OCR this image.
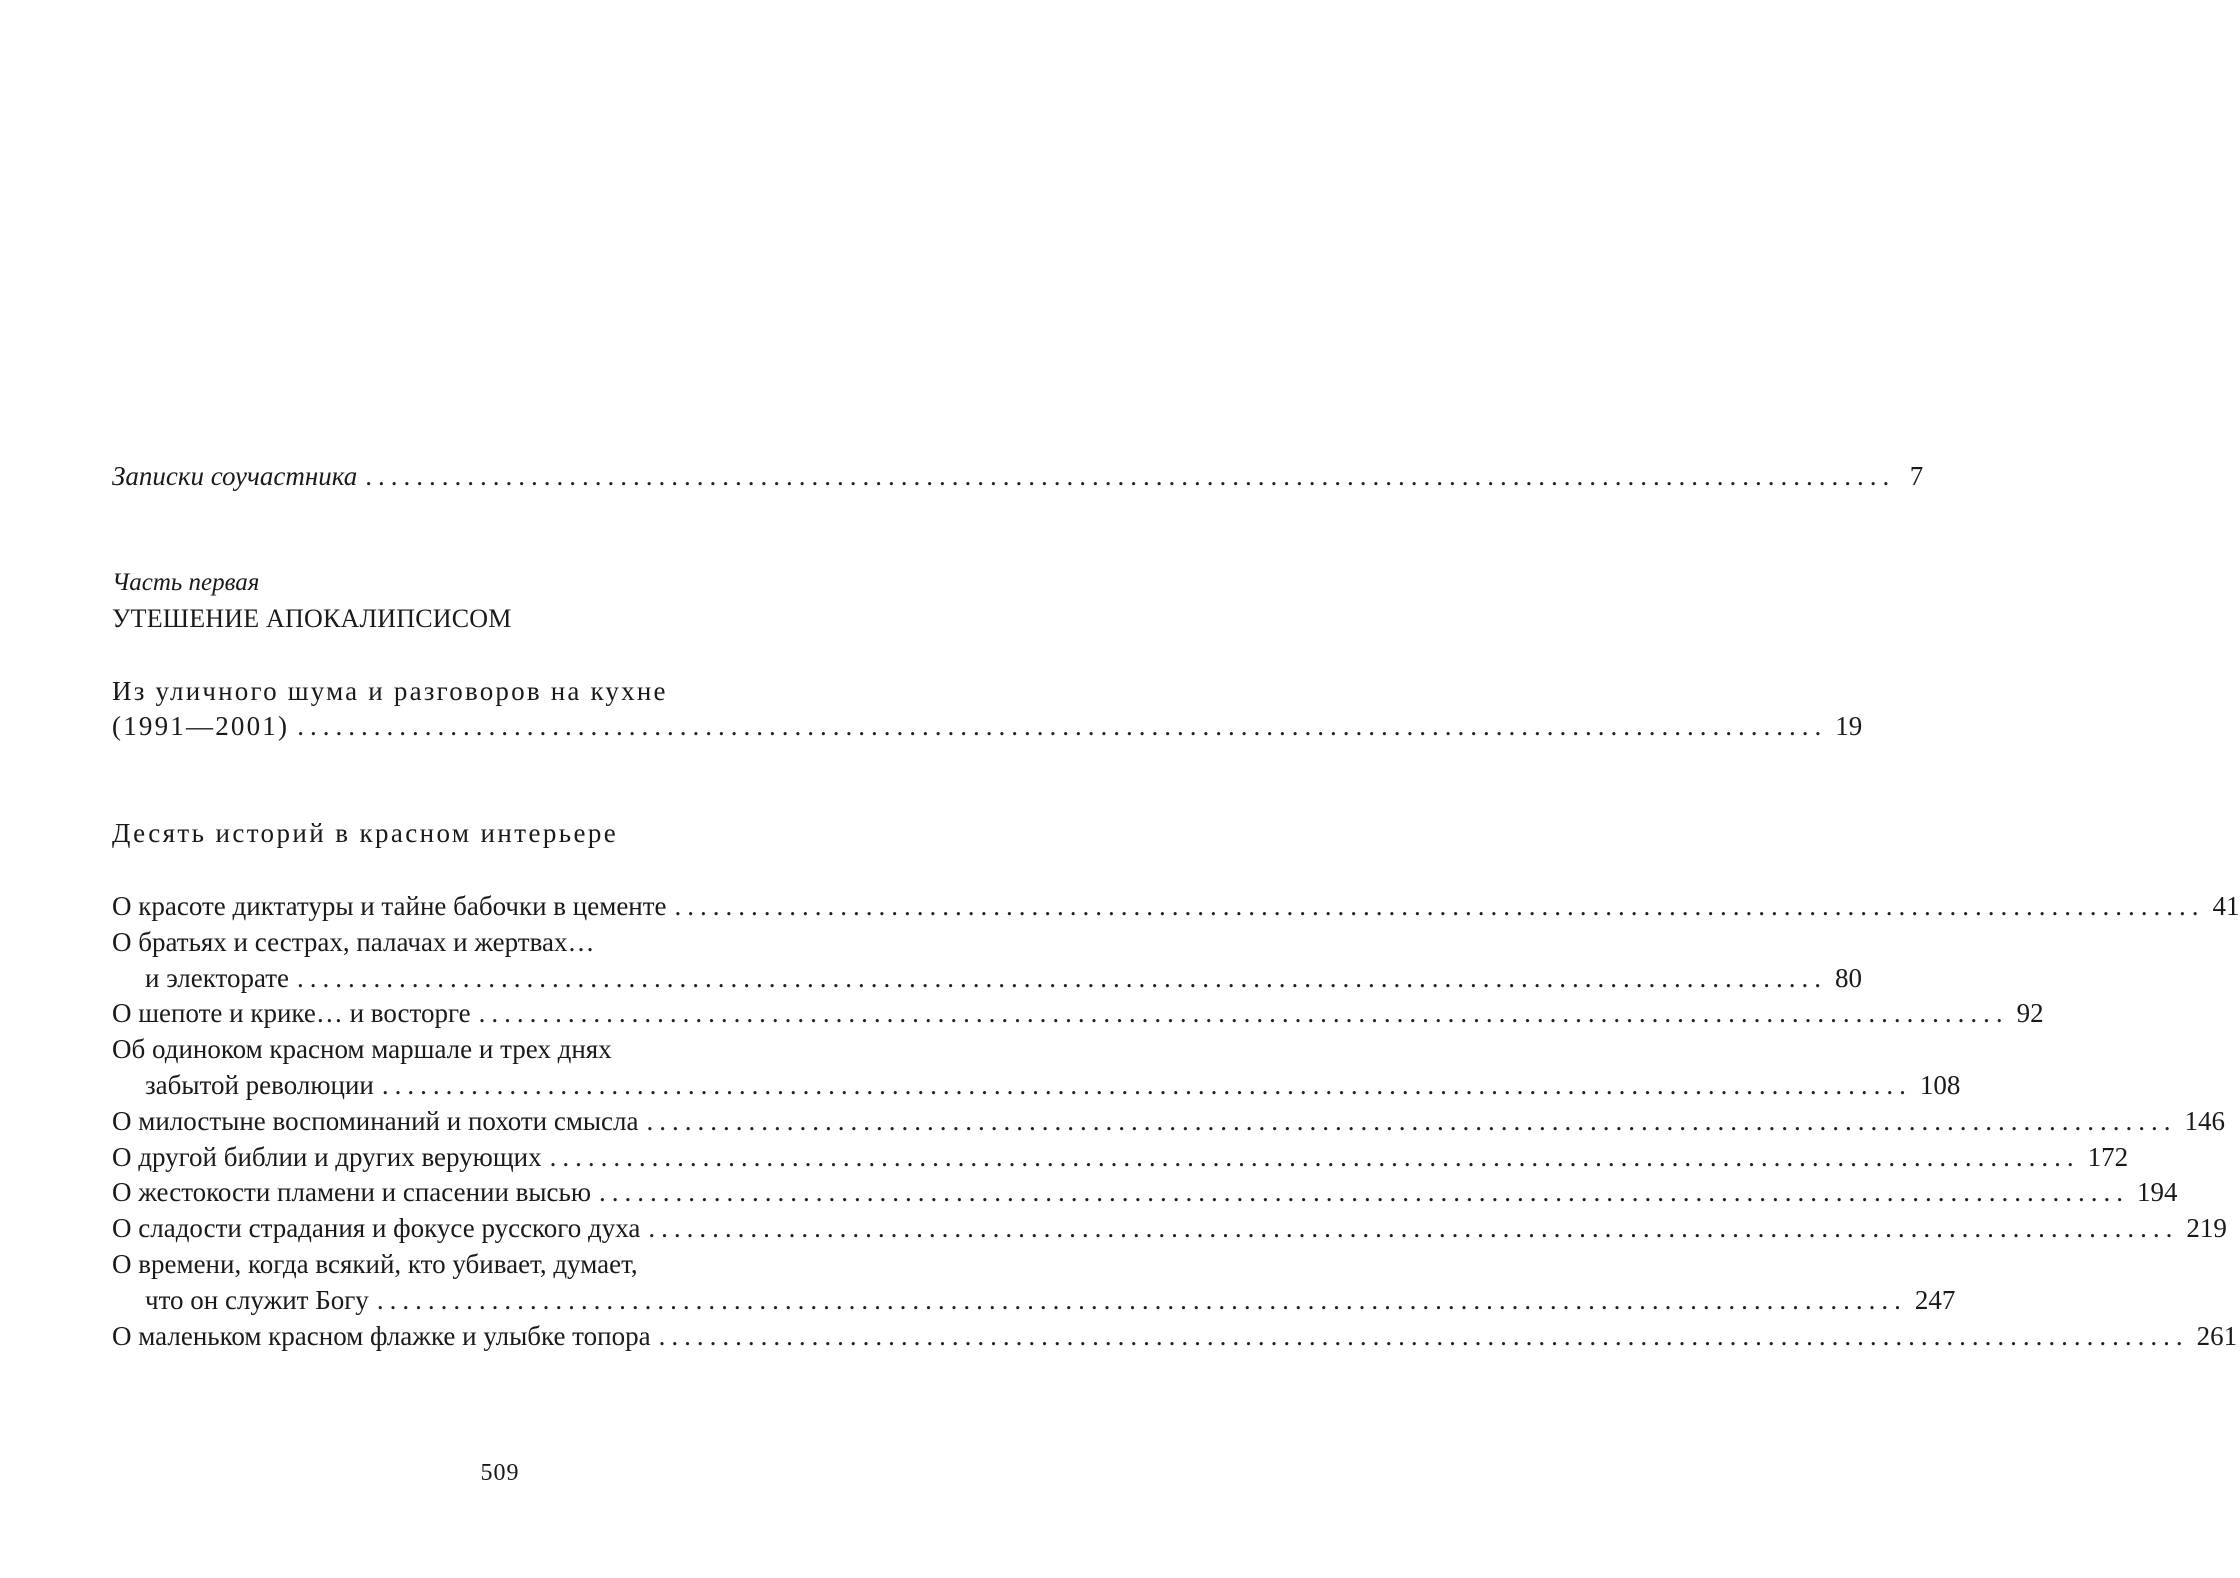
Записки соучастника ........................................................................................................................ 7
Часть первая
УТЕШЕНИЕ АПОКАЛИПСИСОМ
Из уличного шума и разговоров на кухне
(1991—2001) ........................................................................................................................ 19
Десять историй в красном интерьере
О красоте диктатуры и тайне бабочки в цементе ........................................................................................................................ 41
О братьях и сестрах, палачах и жертвах…
и электорате ........................................................................................................................ 80
О шепоте и крике… и восторге ........................................................................................................................ 92
Об одиноком красном маршале и трех днях
забытой революции ........................................................................................................................ 108
О милостыне воспоминаний и похоти смысла ........................................................................................................................ 146
О другой библии и других верующих ........................................................................................................................ 172
О жестокости пламени и спасении высью ........................................................................................................................ 194
О сладости страдания и фокусе русского духа ........................................................................................................................ 219
О времени, когда всякий, кто убивает, думает,
что он служит Богу ........................................................................................................................ 247
О маленьком красном флажке и улыбке топора ........................................................................................................................ 261
509
